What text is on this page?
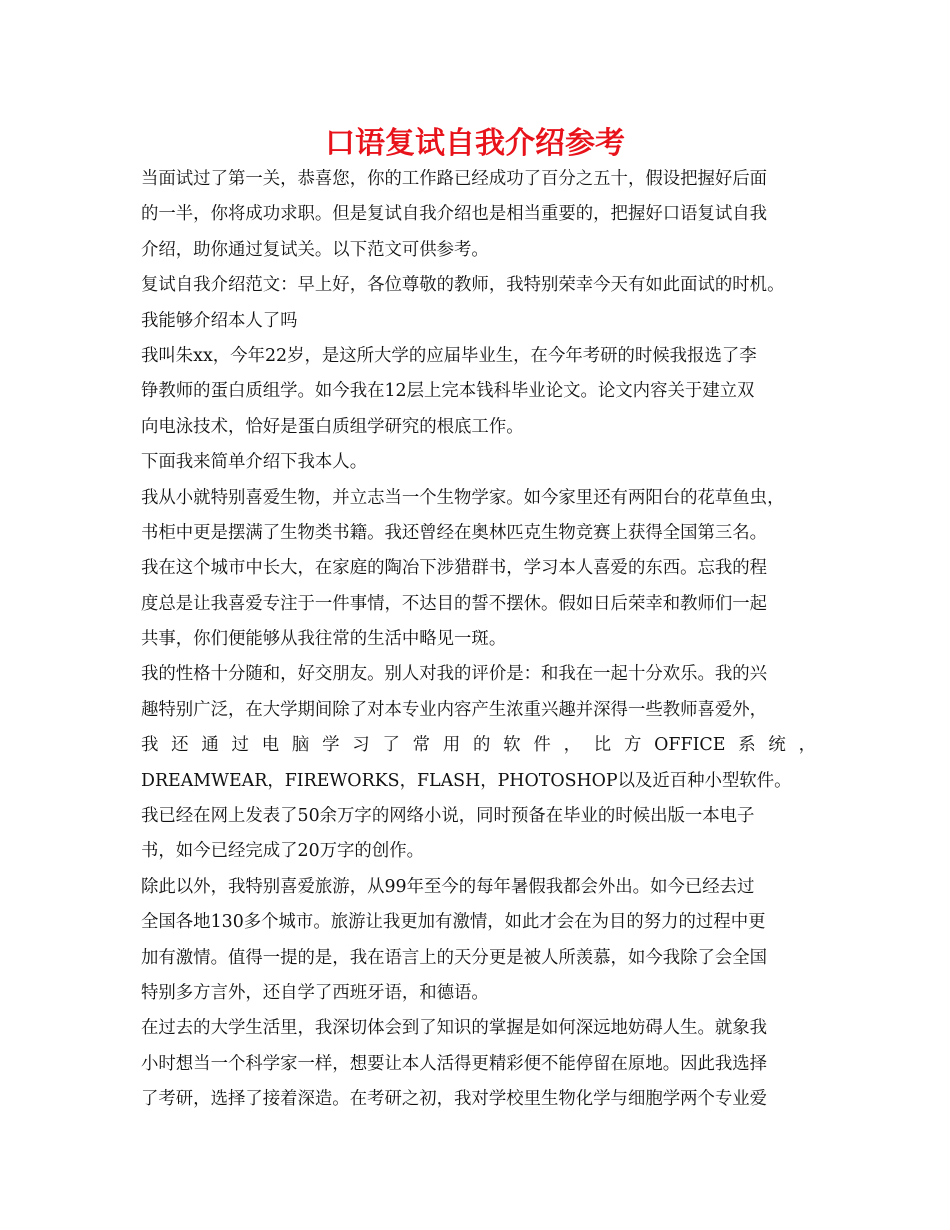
口语复试自我介绍参考
当面试过了第一关，恭喜您，你的工作路已经成功了百分之五十，假设把握好后面
的一半，你将成功求职。但是复试自我介绍也是相当重要的，把握好口语复试自我
介绍，助你通过复试关。以下范文可供参考。
复试自我介绍范文：早上好，各位尊敬的教师，我特别荣幸今天有如此面试的时机。
我能够介绍本人了吗
我叫朱xx，今年22岁，是这所大学的应届毕业生，在今年考研的时候我报选了李
铮教师的蛋白质组学。如今我在12层上完本钱科毕业论文。论文内容关于建立双
向电泳技术，恰好是蛋白质组学研究的根底工作。
下面我来简单介绍下我本人。
我从小就特别喜爱生物，并立志当一个生物学家。如今家里还有两阳台的花草鱼虫，
书柜中更是摆满了生物类书籍。我还曾经在奥林匹克生物竞赛上获得全国第三名。
我在这个城市中长大，在家庭的陶冶下涉猎群书，学习本人喜爱的东西。忘我的程
度总是让我喜爱专注于一件事情，不达目的誓不摆休。假如日后荣幸和教师们一起
共事，你们便能够从我往常的生活中略见一斑。
我的性格十分随和，好交朋友。别人对我的评价是：和我在一起十分欢乐。我的兴
趣特别广泛，在大学期间除了对本专业内容产生浓重兴趣并深得一些教师喜爱外，
我还通过电脑学习了常用的软件，比方OFFICE系统，
DREAMWEAR，FIREWORKS，FLASH，PHOTOSHOP以及近百种小型软件。
我已经在网上发表了50余万字的网络小说，同时预备在毕业的时候出版一本电子
书，如今已经完成了20万字的创作。
除此以外，我特别喜爱旅游，从99年至今的每年暑假我都会外出。如今已经去过
全国各地130多个城市。旅游让我更加有激情，如此才会在为目的努力的过程中更
加有激情。值得一提的是，我在语言上的天分更是被人所羡慕，如今我除了会全国
特别多方言外，还自学了西班牙语，和德语。
在过去的大学生活里，我深切体会到了知识的掌握是如何深远地妨碍人生。就象我
小时想当一个科学家一样，想要让本人活得更精彩便不能停留在原地。因此我选择
了考研，选择了接着深造。在考研之初，我对学校里生物化学与细胞学两个专业爱
